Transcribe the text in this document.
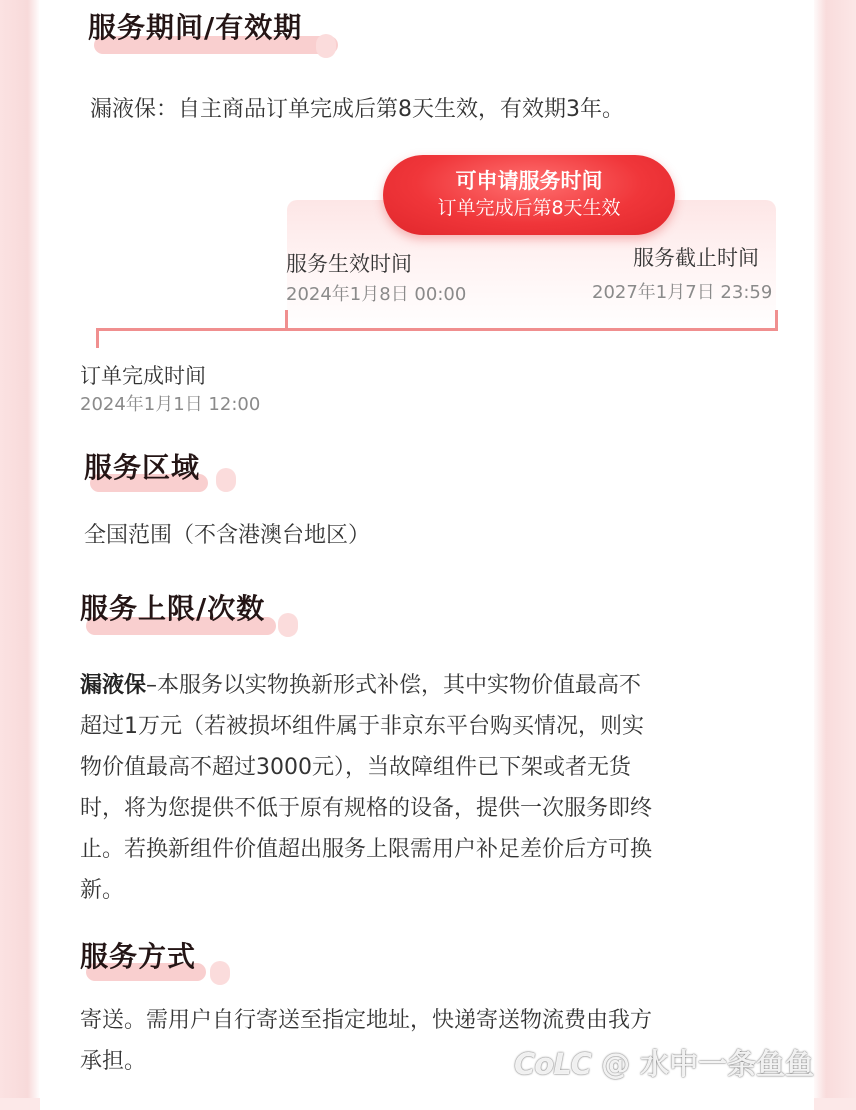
服务期间/有效期
漏液保：自主商品订单完成后第8天生效，有效期3年。
可申请服务时间
订单完成后第8天生效
服务生效时间
2024年1月8日 00:00
服务截止时间
2027年1月7日 23:59
订单完成时间
2024年1月1日 12:00
服务区域
全国范围（不含港澳台地区）
服务上限/次数
漏液保–本服务以实物换新形式补偿，其中实物价值最高不
超过1万元（若被损坏组件属于非京东平台购买情况，则实
物价值最高不超过3000元），当故障组件已下架或者无货
时，将为您提供不低于原有规格的设备，提供一次服务即终
止。若换新组件价值超出服务上限需用户补足差价后方可换
新。
服务方式
寄送。需用户自行寄送至指定地址，快递寄送物流费由我方
承担。	CoLC @ 水中一条鱼鱼
